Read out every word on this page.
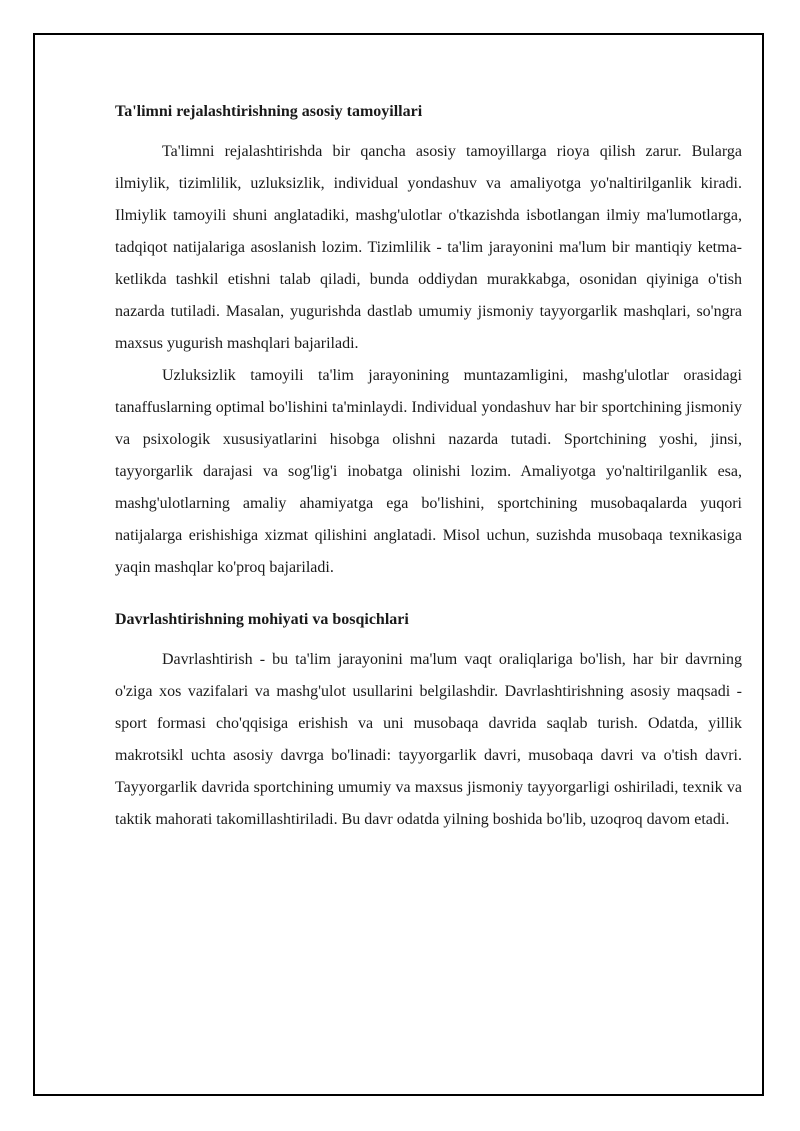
Ta'limni rejalashtirishning asosiy tamoyillari

Ta'limni rejalashtirishda bir qancha asosiy tamoyillarga rioya qilish zarur. Bularga ilmiylik, tizimlilik, uzluksizlik, individual yondashuv va amaliyotga yo'naltirilganlik kiradi. Ilmiylik tamoyili shuni anglatadiki, mashg'ulotlar o'tkazishda isbotlangan ilmiy ma'lumotlarga, tadqiqot natijalariga asoslanish lozim. Tizimlilik - ta'lim jarayonini ma'lum bir mantiqiy ketma-ketlikda tashkil etishni talab qiladi, bunda oddiydan murakkabga, osonidan qiyiniga o'tish nazarda tutiladi. Masalan, yugurishda dastlab umumiy jismoniy tayyorgarlik mashqlari, so'ngra maxsus yugurish mashqlari bajariladi.

Uzluksizlik tamoyili ta'lim jarayonining muntazamligini, mashg'ulotlar orasidagi tanaffuslarning optimal bo'lishini ta'minlaydi. Individual yondashuv har bir sportchining jismoniy va psixologik xususiyatlarini hisobga olishni nazarda tutadi. Sportchining yoshi, jinsi, tayyorgarlik darajasi va sog'lig'i inobatga olinishi lozim. Amaliyotga yo'naltirilganlik esa, mashg'ulotlarning amaliy ahamiyatga ega bo'lishini, sportchining musobaqalarda yuqori natijalarga erishishiga xizmat qilishini anglatadi. Misol uchun, suzishda musobaqa texnikasiga yaqin mashqlar ko'proq bajariladi.

Davrlashtirishning mohiyati va bosqichlari

Davrlashtirish - bu ta'lim jarayonini ma'lum vaqt oraliqlariga bo'lish, har bir davrning o'ziga xos vazifalari va mashg'ulot usullarini belgilashdir. Davrlashtirishning asosiy maqsadi - sport formasi cho'qqisiga erishish va uni musobaqa davrida saqlab turish. Odatda, yillik makrotsikl uchta asosiy davrga bo'linadi: tayyorgarlik davri, musobaqa davri va o'tish davri. Tayyorgarlik davrida sportchining umumiy va maxsus jismoniy tayyorgarligi oshiriladi, texnik va taktik mahorati takomillashtiriladi. Bu davr odatda yilning boshida bo'lib, uzoqroq davom etadi.
